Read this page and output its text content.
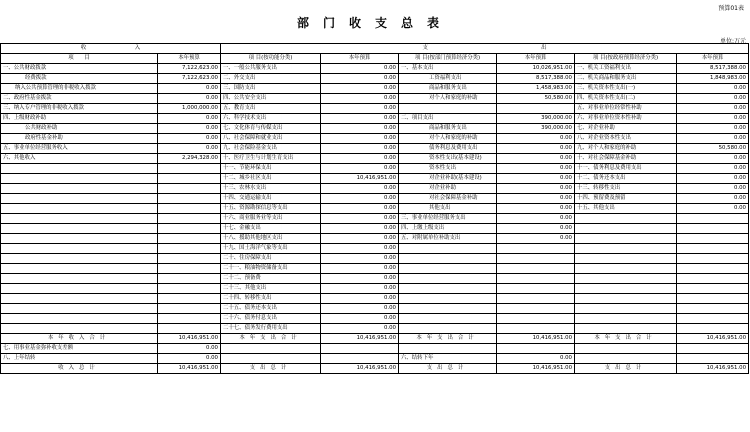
预算01表
部门收支总表
单位:万元
收　　　　　　　　　入		支　　　　　　　　　　　　　　　　　　　　　出					
项　　目	本年预算	项 目(按功能分类)	本年预算	项 目(按部门预算经济分类)	本年预算	项 目(按政府预算经济分类)	本年预算
一、公共财政拨款	7,122,623.00	一、一般公共服务支出	0.00	一、基本支出	10,026,951.00	一、机关工资福利支出	8,517,388.00
经费拨款	7,122,623.00	二、外交支出	0.00	工资福利支出	8,517,388.00	二、机关商品和服务支出	1,848,983.00
纳入公共预算管理的非税收入拨款	0.00	三、国防支出	0.00	商品和服务支出	1,458,983.00	三、机关资本性支出(一)	0.00
二、政府性基金拨款	0.00	四、公共安全支出	0.00	对个人和家庭的补助	50,580.00	四、机关资本性支出(二)	0.00
三、纳入专户管理的非税收入拨款	1,000,000.00	五、教育支出	0.00			五、对事业单位经常性补助	0.00
四、上级财政补助	0.00	六、科学技术支出	0.00	二、项目支出	390,000.00	六、对事业单位资本性补助	0.00
公共财政补助	0.00	七、文化体育与传媒支出	0.00	商品和服务支出	390,000.00	七、对企业补助	0.00
政府性基金补助	0.00	八、社会保障和就业支出	0.00	对个人和家庭的补助	0.00	八、对企业资本性支出	0.00
五、事业单位经营服务收入	0.00	九、社会保险基金支出	0.00	债务利息及费用支出	0.00	九、对个人和家庭的补助	50,580.00
六、其他收入	2,294,328.00	十、医疗卫生与计划生育支出	0.00	资本性支出(基本建设)	0.00	十、对社会保障基金补助	0.00
		十一、节能环保支出	0.00	资本性支出	0.00	十一、债务利息及费用支出	0.00
		十二、城乡社区支出	10,416,951.00	对企业补助(基本建设)	0.00	十二、债务还本支出	0.00
		十三、农林水支出	0.00	对企业补助	0.00	十三、转移性支出	0.00
		十四、交通运输支出	0.00	对社会保障基金补助	0.00	十四、预留费及预留	0.00
		十五、资源勘探信息等支出	0.00	其他支出	0.00	十五、其他支出	0.00
		十六、商业服务业等支出	0.00	三、事业单位经营服务支出	0.00		
		十七、金融支出	0.00	四、上缴上级支出	0.00		
		十八、援助其他地区支出	0.00	五、对附属单位补助支出	0.00		
		十九、国土海洋气象等支出	0.00				
		二十、住房保障支出	0.00				
		二十一、粮油物资储备支出	0.00				
		二十二、预备费	0.00				
		二十三、其他支出	0.00				
		二十四、转移性支出	0.00				
		二十五、债务还本支出	0.00				
		二十六、债务付息支出	0.00				
		二十七、债务发行费用支出	0.00				
本年收入合计	10,416,951.00	本年支出合计	10,416,951.00	本年支出合计	10,416,951.00	本年支出合计	10,416,951.00
七、用事业基金弥补收支差额	0.00						
八、上年结转	0.00			六、结转下年	0.00		
收入总计	10,416,951.00	支出总计	10,416,951.00	支出总计	10,416,951.00	支出总计	10,416,951.00
